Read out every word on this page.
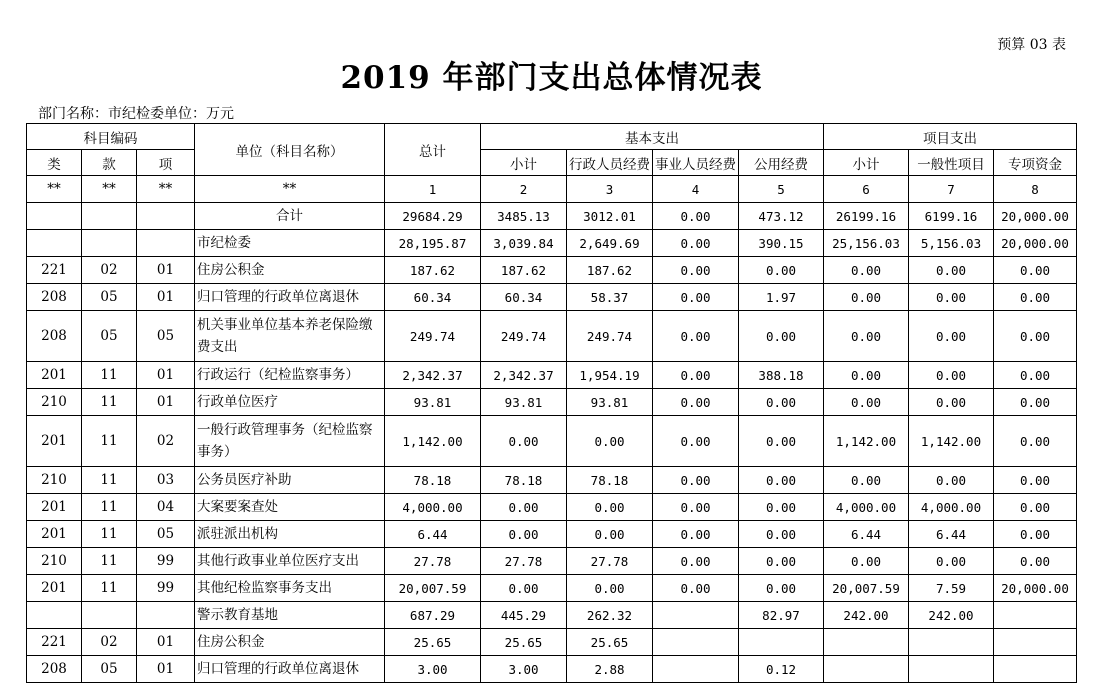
预算 03 表
2019 年部门支出总体情况表
部门名称：市纪检委单位：万元
科目编码			单位（科目名称）	总计	基本支出				项目支出		
类	款	项			小计	行政人员经费	事业人员经费	公用经费	小计	一般性项目	专项资金
**	**	**	**	1	2	3	4	5	6	7	8
			合计	29684.29	3485.13	3012.01	0.00	473.12	26199.16	6199.16	20,000.00
			市纪检委	28,195.87	3,039.84	2,649.69	0.00	390.15	25,156.03	5,156.03	20,000.00
221	02	01	住房公积金	187.62	187.62	187.62	0.00	0.00	0.00	0.00	0.00
208	05	01	归口管理的行政单位离退休	60.34	60.34	58.37	0.00	1.97	0.00	0.00	0.00
208	05	05	机关事业单位基本养老保险缴费支出	249.74	249.74	249.74	0.00	0.00	0.00	0.00	0.00
201	11	01	行政运行（纪检监察事务）	2,342.37	2,342.37	1,954.19	0.00	388.18	0.00	0.00	0.00
210	11	01	行政单位医疗	93.81	93.81	93.81	0.00	0.00	0.00	0.00	0.00
201	11	02	一般行政管理事务（纪检监察事务）	1,142.00	0.00	0.00	0.00	0.00	1,142.00	1,142.00	0.00
210	11	03	公务员医疗补助	78.18	78.18	78.18	0.00	0.00	0.00	0.00	0.00
201	11	04	大案要案查处	4,000.00	0.00	0.00	0.00	0.00	4,000.00	4,000.00	0.00
201	11	05	派驻派出机构	6.44	0.00	0.00	0.00	0.00	6.44	6.44	0.00
210	11	99	其他行政事业单位医疗支出	27.78	27.78	27.78	0.00	0.00	0.00	0.00	0.00
201	11	99	其他纪检监察事务支出	20,007.59	0.00	0.00	0.00	0.00	20,007.59	7.59	20,000.00
			警示教育基地	687.29	445.29	262.32		82.97	242.00	242.00	
221	02	01	住房公积金	25.65	25.65	25.65					
208	05	01	归口管理的行政单位离退休	3.00	3.00	2.88		0.12			
